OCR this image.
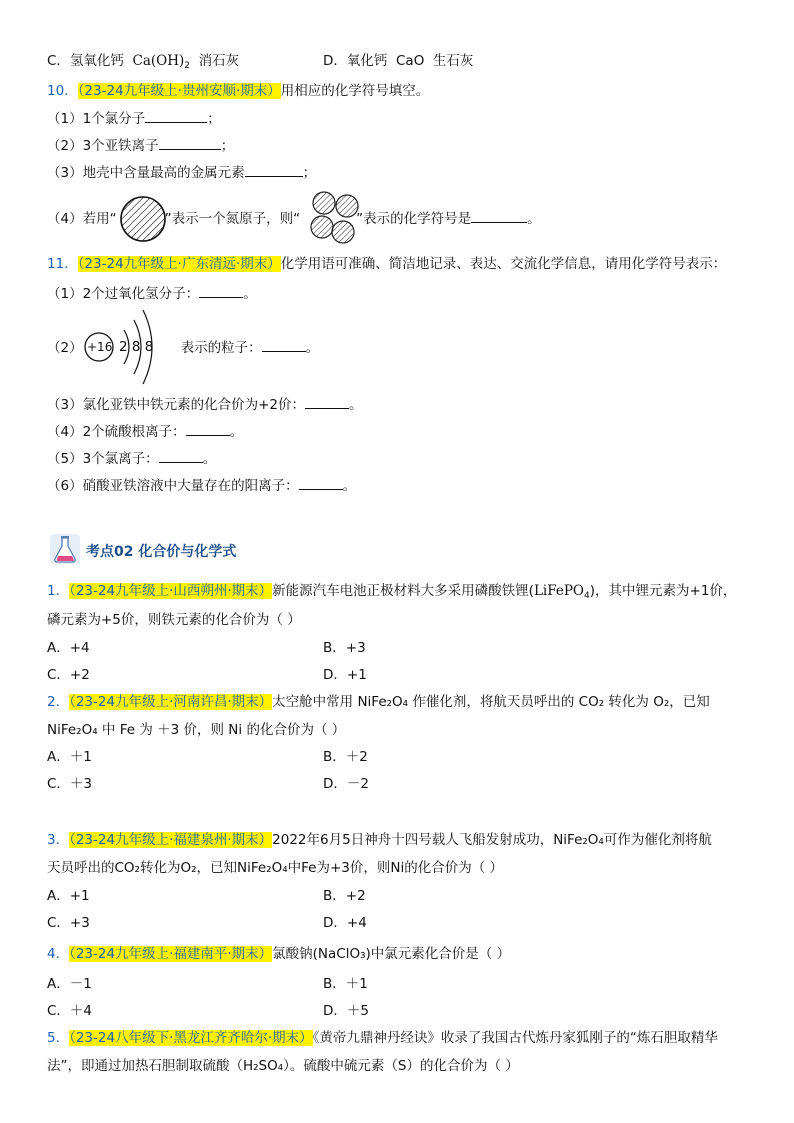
C．氢氧化钙 $Ca(OH)_2$ 消石灰	D．氧化钙 CaO 生石灰
10．（23-24九年级上·贵州安顺·期末）用相应的化学符号填空。
（1）1个氯分子	；
（2）3个亚铁离子	；
（3）地壳中含量最高的金属元素	；
（4）若用“	”表示一个氮原子，则“	”表示的化学符号是	。
11．（23-24九年级上·广东清远·期末）化学用语可准确、简洁地记录、表达、交流化学信息，请用化学符号表示：
（1）2个过氧化氢分子：	。
（2）	表示的粒子：	。
+16 2 8 8
（3）氯化亚铁中铁元素的化合价为+2价：	。
（4）2个硫酸根离子：	。
（5）3个氯离子：	。
（6）硝酸亚铁溶液中大量存在的阳离子：	。
考点02 化合价与化学式
1．（23-24九年级上·山西朔州·期末）新能源汽车电池正极材料大多采用磷酸铁锂(LiFePO$_4$)，其中锂元素为+1价，
磷元素为+5价，则铁元素的化合价为（ ）
A．+4	B．+3
C．+2	D．+1
2．（23-24九年级上·河南许昌·期末）太空舱中常用 NiFe₂O₄ 作催化剂，将航天员呼出的 CO₂ 转化为 O₂，已知
NiFe₂O₄ 中 Fe 为 ＋3 价，则 Ni 的化合价为（ ）
A．＋1	B．＋2
C．＋3	D．－2
3．（23-24九年级上·福建泉州·期末）2022年6月5日神舟十四号载人飞船发射成功，NiFe₂O₄可作为催化剂将航
天员呼出的CO₂转化为O₂，已知NiFe₂O₄中Fe为+3价，则Ni的化合价为（ ）
A．+1	B．+2
C．+3	D．+4
4．（23-24九年级上·福建南平·期末）氯酸钠(NaClO₃)中氯元素化合价是（ ）
A．－1	B．＋1
C．＋4	D．＋5
5．（23-24八年级下·黑龙江齐齐哈尔·期末）《黄帝九鼎神丹经诀》收录了我国古代炼丹家狐刚子的“炼石胆取精华
法”，即通过加热石胆制取硫酸（H₂SO₄）。硫酸中硫元素（S）的化合价为（ ）
